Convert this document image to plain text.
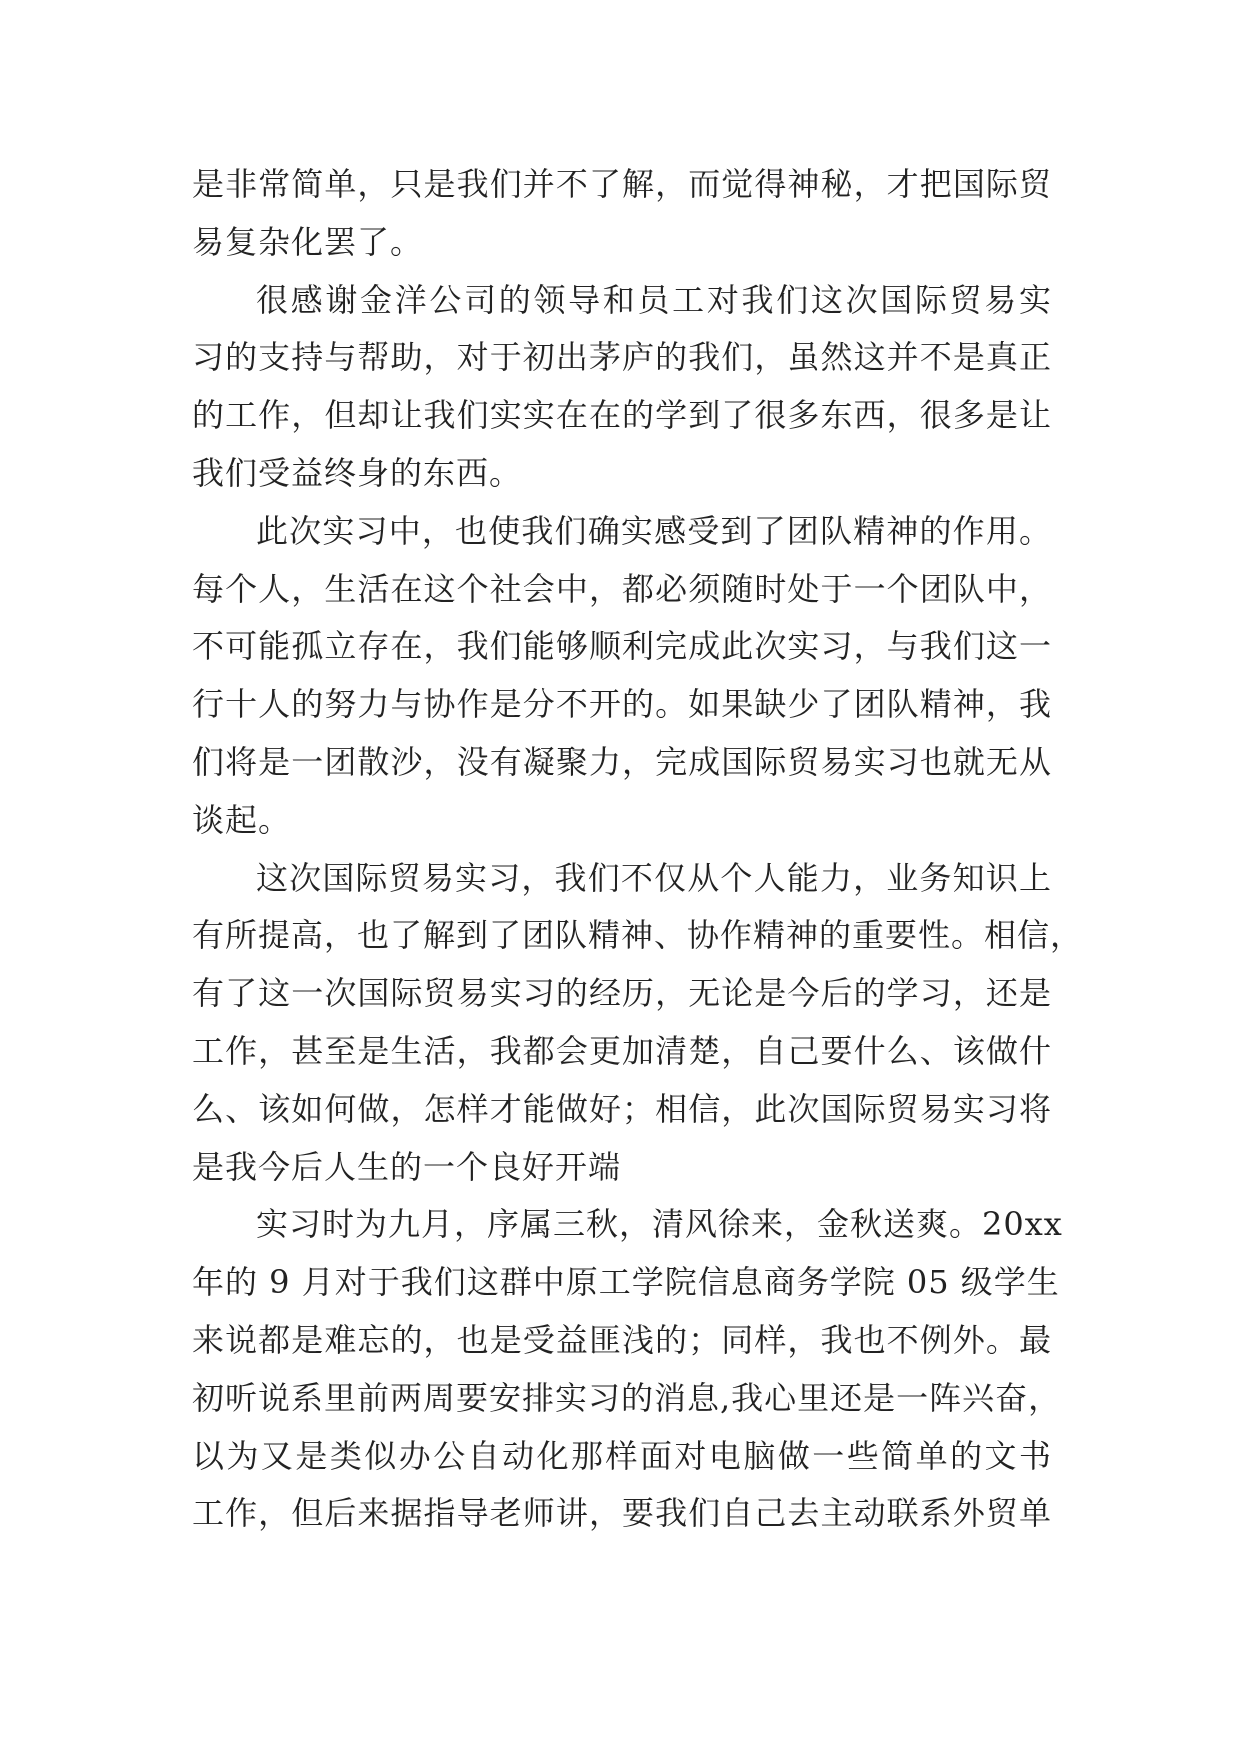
是非常简单，只是我们并不了解，而觉得神秘，才把国际贸
易复杂化罢了。
很感谢金洋公司的领导和员工对我们这次国际贸易实
习的支持与帮助，对于初出茅庐的我们，虽然这并不是真正
的工作，但却让我们实实在在的学到了很多东西，很多是让
我们受益终身的东西。
此次实习中，也使我们确实感受到了团队精神的作用。
每个人，生活在这个社会中，都必须随时处于一个团队中，
不可能孤立存在，我们能够顺利完成此次实习，与我们这一
行十人的努力与协作是分不开的。如果缺少了团队精神，我
们将是一团散沙，没有凝聚力，完成国际贸易实习也就无从
谈起。
这次国际贸易实习，我们不仅从个人能力，业务知识上
有所提高，也了解到了团队精神、协作精神的重要性。相信，
有了这一次国际贸易实习的经历，无论是今后的学习，还是
工作，甚至是生活，我都会更加清楚，自己要什么、该做什
么、该如何做，怎样才能做好；相信，此次国际贸易实习将
是我今后人生的一个良好开端
实习时为九月，序属三秋，清风徐来，金秋送爽。20xx
年的 9 月对于我们这群中原工学院信息商务学院 05 级学生
来说都是难忘的，也是受益匪浅的；同样，我也不例外。最
初听说系里前两周要安排实习的消息,我心里还是一阵兴奋，
以为又是类似办公自动化那样面对电脑做一些简单的文书
工作，但后来据指导老师讲，要我们自己去主动联系外贸单
